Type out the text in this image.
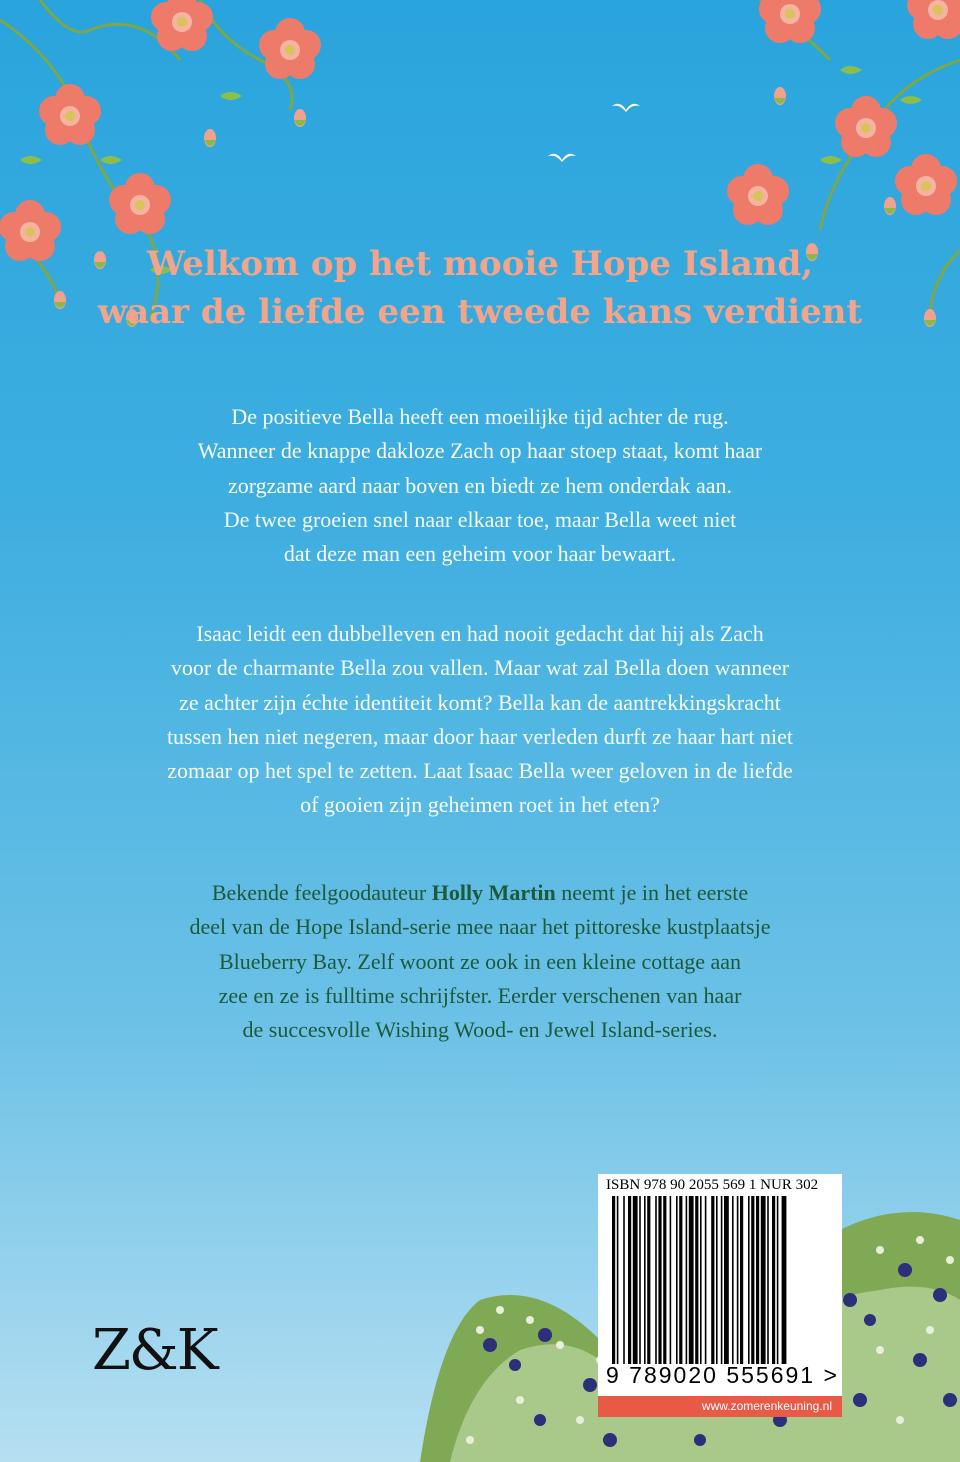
Welkom op het mooie Hope Island,
waar de liefde een tweede kans verdient
De positieve Bella heeft een moeilijke tijd achter de rug.
Wanneer de knappe dakloze Zach op haar stoep staat, komt haar
zorgzame aard naar boven en biedt ze hem onderdak aan.
De twee groeien snel naar elkaar toe, maar Bella weet niet
dat deze man een geheim voor haar bewaart.
Isaac leidt een dubbelleven en had nooit gedacht dat hij als Zach
voor de charmante Bella zou vallen. Maar wat zal Bella doen wanneer
ze achter zijn échte identiteit komt? Bella kan de aantrekkingskracht
tussen hen niet negeren, maar door haar verleden durft ze haar hart niet
zomaar op het spel te zetten. Laat Isaac Bella weer geloven in de liefde
of gooien zijn geheimen roet in het eten?
Bekende feelgoodauteur Holly Martin neemt je in het eerste
deel van de Hope Island-serie mee naar het pittoreske kustplaatsje
Blueberry Bay. Zelf woont ze ook in een kleine cottage aan
zee en ze is fulltime schrijfster. Eerder verschenen van haar
de succesvolle Wishing Wood- en Jewel Island-series.
Z&K
ISBN 978 90 2055 569 1 NUR 302
9 789020 555691 >
www.zomerenkeuning.nl
